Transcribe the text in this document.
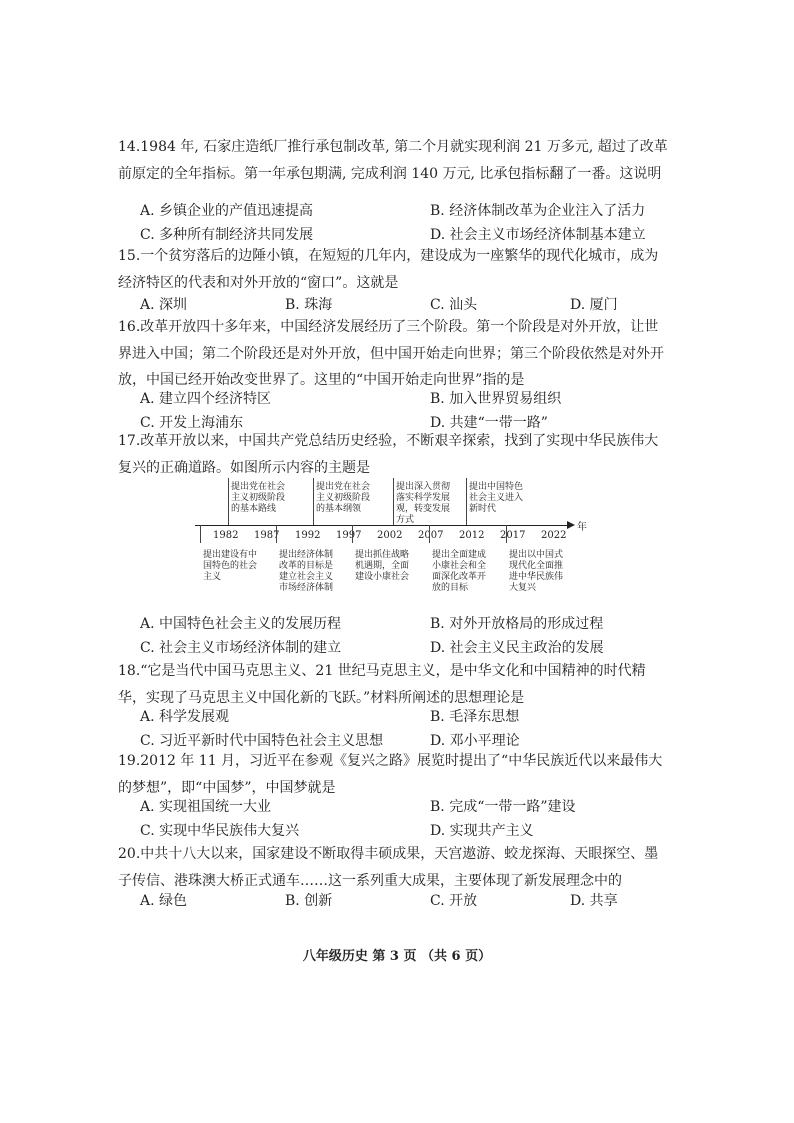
14.1984 年, 石家庄造纸厂推行承包制改革, 第二个月就实现利润 21 万多元, 超过了改革前原定的全年指标。第一年承包期满, 完成利润 140 万元, 比承包指标翻了一番。这说明
A. 乡镇企业的产值迅速提高	B. 经济体制改革为企业注入了活力
C. 多种所有制经济共同发展	D. 社会主义市场经济体制基本建立
15.一个贫穷落后的边陲小镇，在短短的几年内，建设成为一座繁华的现代化城市，成为经济特区的代表和对外开放的“窗口”。这就是
A. 深圳	B. 珠海	C. 汕头	D. 厦门
16.改革开放四十多年来，中国经济发展经历了三个阶段。第一个阶段是对外开放，让世界进入中国；第二个阶段还是对外开放，但中国开始走向世界；第三个阶段依然是对外开放，中国已经开始改变世界了。这里的“中国开始走向世界”指的是
A. 建立四个经济特区	B. 加入世界贸易组织
C. 开发上海浦东	D. 共建“一带一路”
17.改革开放以来，中国共产党总结历史经验，不断艰辛探索，找到了实现中华民族伟大复兴的正确道路。如图所示内容的主题是
提出党在社会主义初级阶段的基本路线
提出党在社会主义初级阶段的基本纲领
提出深入贯彻落实科学发展观，转变发展方式
提出中国特色社会主义进入新时代
年
1982 1987 1992 1997 2002 2007 2012 2017 2022
提出建设有中国特色的社会主义
提出经济体制改革的目标是建立社会主义市场经济体制
提出抓住战略机遇期，全面建设小康社会
提出全面建成小康社会和全面深化改革开放的目标
提出以中国式现代化全面推进中华民族伟大复兴
A. 中国特色社会主义的发展历程	B. 对外开放格局的形成过程
C. 社会主义市场经济体制的建立	D. 社会主义民主政治的发展
18.“它是当代中国马克思主义、21 世纪马克思主义，是中华文化和中国精神的时代精华，实现了马克思主义中国化新的飞跃。”材料所阐述的思想理论是
A. 科学发展观	B. 毛泽东思想
C. 习近平新时代中国特色社会主义思想	D. 邓小平理论
19.2012 年 11 月，习近平在参观《复兴之路》展览时提出了“中华民族近代以来最伟大的梦想”，即“中国梦”，中国梦就是
A. 实现祖国统一大业	B. 完成“一带一路”建设
C. 实现中华民族伟大复兴	D. 实现共产主义
20.中共十八大以来，国家建设不断取得丰硕成果，天宫遨游、蛟龙探海、天眼探空、墨子传信、港珠澳大桥正式通车……这一系列重大成果，主要体现了新发展理念中的
A. 绿色	B. 创新	C. 开放	D. 共享
八年级历史 第 3 页 （共 6 页）
